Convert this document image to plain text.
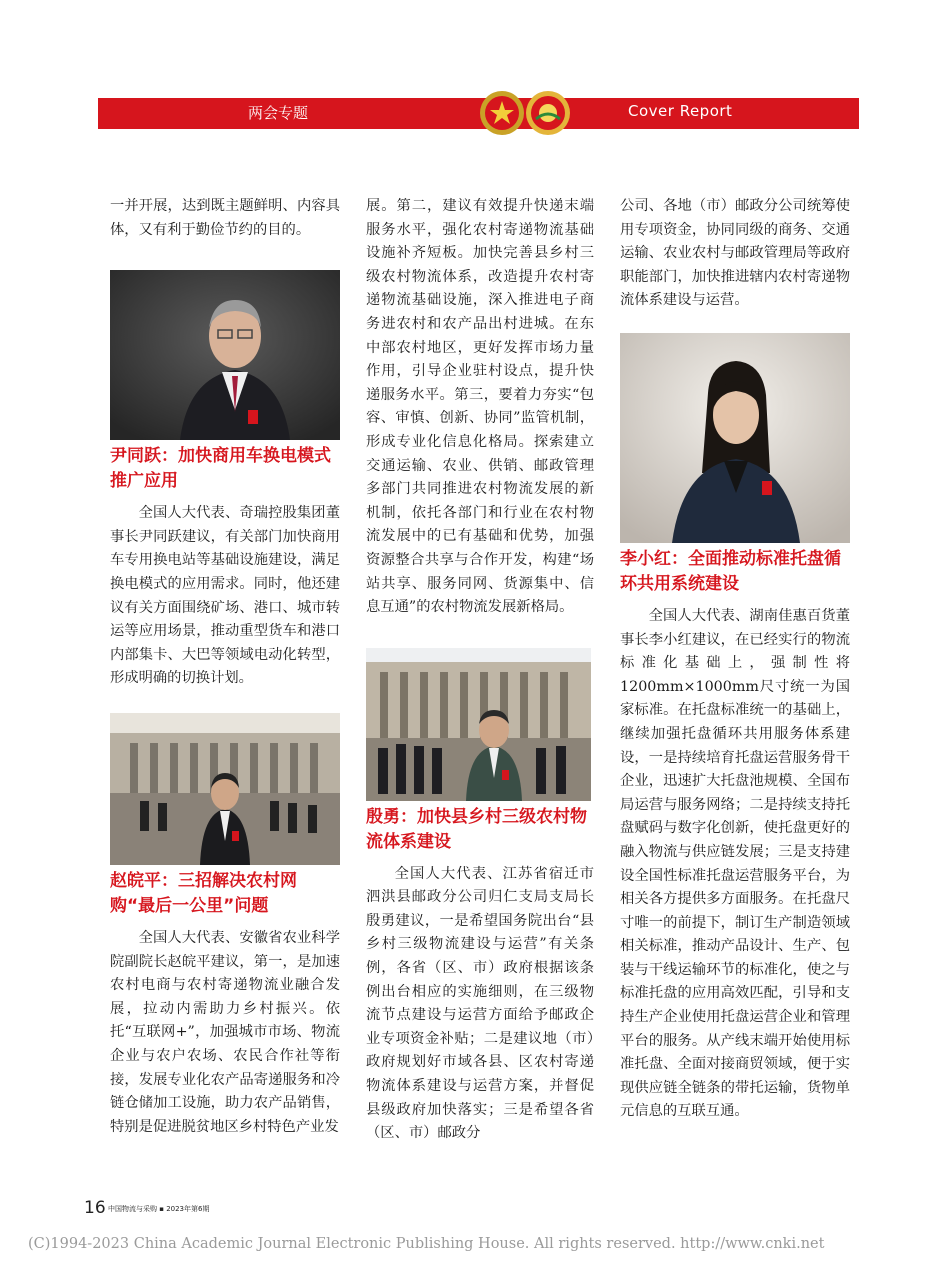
两会专题	Cover Report

一并开展，达到既主题鲜明、内容具体，又有利于勤俭节约的目的。

尹同跃：加快商用车换电模式推广应用

全国人大代表、奇瑞控股集团董事长尹同跃建议，有关部门加快商用车专用换电站等基础设施建设，满足换电模式的应用需求。同时，他还建议有关方面围绕矿场、港口、城市转运等应用场景，推动重型货车和港口内部集卡、大巴等领域电动化转型，形成明确的切换计划。

赵皖平：三招解决农村网购“最后一公里”问题

全国人大代表、安徽省农业科学院副院长赵皖平建议，第一，是加速农村电商与农村寄递物流业融合发展，拉动内需助力乡村振兴。依托“互联网+”，加强城市市场、物流企业与农户农场、农民合作社等衔接，发展专业化农产品寄递服务和冷链仓储加工设施，助力农产品销售，特别是促进脱贫地区乡村特色产业发

展。第二，建议有效提升快递末端服务水平，强化农村寄递物流基础设施补齐短板。加快完善县乡村三级农村物流体系，改造提升农村寄递物流基础设施，深入推进电子商务进农村和农产品出村进城。在东中部农村地区，更好发挥市场力量作用，引导企业驻村设点，提升快递服务水平。第三，要着力夯实“包容、审慎、创新、协同”监管机制，形成专业化信息化格局。探索建立交通运输、农业、供销、邮政管理多部门共同推进农村物流发展的新机制，依托各部门和行业在农村物流发展中的已有基础和优势，加强资源整合共享与合作开发，构建“场站共享、服务同网、货源集中、信息互通”的农村物流发展新格局。

殷勇：加快县乡村三级农村物流体系建设

全国人大代表、江苏省宿迁市泗洪县邮政分公司归仁支局支局长殷勇建议，一是希望国务院出台“县乡村三级物流建设与运营”有关条例，各省（区、市）政府根据该条例出台相应的实施细则，在三级物流节点建设与运营方面给予邮政企业专项资金补贴；二是建议地（市）政府规划好市域各县、区农村寄递物流体系建设与运营方案，并督促县级政府加快落实；三是希望各省（区、市）邮政分

公司、各地（市）邮政分公司统筹使用专项资金，协同同级的商务、交通运输、农业农村与邮政管理局等政府职能部门，加快推进辖内农村寄递物流体系建设与运营。

李小红：全面推动标准托盘循环共用系统建设

全国人大代表、湖南佳惠百货董事长李小红建议，在已经实行的物流标准化基础上，强制性将1200mm×1000mm尺寸统一为国家标准。在托盘标准统一的基础上，继续加强托盘循环共用服务体系建设，一是持续培育托盘运营服务骨干企业，迅速扩大托盘池规模、全国布局运营与服务网络；二是持续支持托盘赋码与数字化创新，使托盘更好的融入物流与供应链发展；三是支持建设全国性标准托盘运营服务平台，为相关各方提供多方面服务。在托盘尺寸唯一的前提下，制订生产制造领域相关标准，推动产品设计、生产、包装与干线运输环节的标准化，使之与标准托盘的应用高效匹配，引导和支持生产企业使用托盘运营企业和管理平台的服务。从产线末端开始使用标准托盘、全面对接商贸领域，便于实现供应链全链条的带托运输，货物单元信息的互联互通。

16 中国物流与采购 ▪ 2023年第6期
(C)1994-2023 China Academic Journal Electronic Publishing House. All rights reserved. http://www.cnki.net
